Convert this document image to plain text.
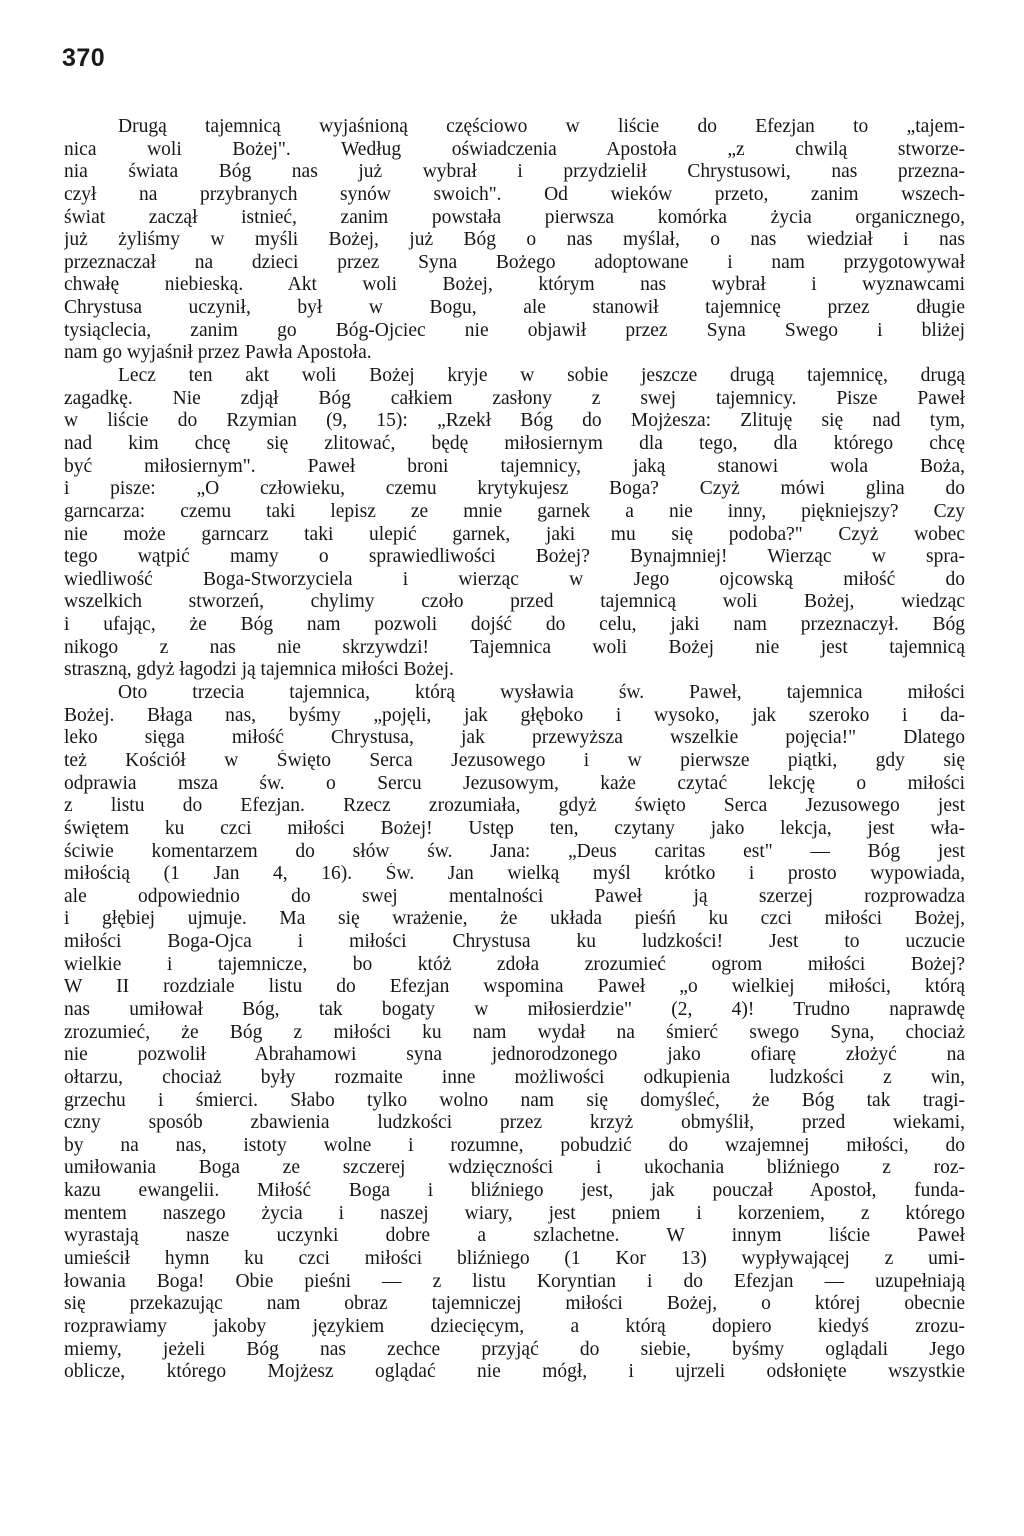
370
Drugą tajemnicą wyjaśnioną częściowo w liście do Efezjan to „tajem-
nica woli Bożej". Według oświadczenia Apostoła „z chwilą stworze-
nia świata Bóg nas już wybrał i przydzielił Chrystusowi, nas przezna-
czył na przybranych synów swoich". Od wieków przeto, zanim wszech-
świat zaczął istnieć, zanim powstała pierwsza komórka życia organicznego,
już żyliśmy w myśli Bożej, już Bóg o nas myślał, o nas wiedział i nas
przeznaczał na dzieci przez Syna Bożego adoptowane i nam przygotowywał
chwałę niebieską. Akt woli Bożej, którym nas wybrał i wyznawcami
Chrystusa uczynił, był w Bogu, ale stanowił tajemnicę przez długie
tysiąclecia, zanim go Bóg-Ojciec nie objawił przez Syna Swego i bliżej
nam go wyjaśnił przez Pawła Apostoła.
Lecz ten akt woli Bożej kryje w sobie jeszcze drugą tajemnicę, drugą
zagadkę. Nie zdjął Bóg całkiem zasłony z swej tajemnicy. Pisze Paweł
w liście do Rzymian (9, 15): „Rzekł Bóg do Mojżesza: Zlituję się nad tym,
nad kim chcę się zlitować, będę miłosiernym dla tego, dla którego chcę
być miłosiernym". Paweł broni tajemnicy, jaką stanowi wola Boża,
i pisze: „O człowieku, czemu krytykujesz Boga? Czyż mówi glina do
garncarza: czemu taki lepisz ze mnie garnek a nie inny, piękniejszy? Czy
nie może garncarz taki ulepić garnek, jaki mu się podoba?" Czyż wobec
tego wątpić mamy o sprawiedliwości Bożej? Bynajmniej! Wierząc w spra-
wiedliwość Boga-Stworzyciela i wierząc w Jego ojcowską miłość do
wszelkich stworzeń, chylimy czoło przed tajemnicą woli Bożej, wiedząc
i ufając, że Bóg nam pozwoli dojść do celu, jaki nam przeznaczył. Bóg
nikogo z nas nie skrzywdzi! Tajemnica woli Bożej nie jest tajemnicą
straszną, gdyż łagodzi ją tajemnica miłości Bożej.
Oto trzecia tajemnica, którą wysławia św. Paweł, tajemnica miłości
Bożej. Błaga nas, byśmy „pojęli, jak głęboko i wysoko, jak szeroko i da-
leko sięga miłość Chrystusa, jak przewyższa wszelkie pojęcia!" Dlatego
też Kościół w Święto Serca Jezusowego i w pierwsze piątki, gdy się
odprawia msza św. o Sercu Jezusowym, każe czytać lekcję o miłości
z listu do Efezjan. Rzecz zrozumiała, gdyż święto Serca Jezusowego jest
świętem ku czci miłości Bożej! Ustęp ten, czytany jako lekcja, jest wła-
ściwie komentarzem do słów św. Jana: „Deus caritas est" — Bóg jest
miłością (1 Jan 4, 16). Św. Jan wielką myśl krótko i prosto wypowiada,
ale odpowiednio do swej mentalności Paweł ją szerzej rozprowadza
i głębiej ujmuje. Ma się wrażenie, że układa pieśń ku czci miłości Bożej,
miłości Boga-Ojca i miłości Chrystusa ku ludzkości! Jest to uczucie
wielkie i tajemnicze, bo któż zdoła zrozumieć ogrom miłości Bożej?
W II rozdziale listu do Efezjan wspomina Paweł „o wielkiej miłości, którą
nas umiłował Bóg, tak bogaty w miłosierdzie" (2, 4)! Trudno naprawdę
zrozumieć, że Bóg z miłości ku nam wydał na śmierć swego Syna, chociaż
nie pozwolił Abrahamowi syna jednorodzonego jako ofiarę złożyć na
ołtarzu, chociaż były rozmaite inne możliwości odkupienia ludzkości z win,
grzechu i śmierci. Słabo tylko wolno nam się domyśleć, że Bóg tak tragi-
czny sposób zbawienia ludzkości przez krzyż obmyślił, przed wiekami,
by na nas, istoty wolne i rozumne, pobudzić do wzajemnej miłości, do
umiłowania Boga ze szczerej wdzięczności i ukochania bliźniego z roz-
kazu ewangelii. Miłość Boga i bliźniego jest, jak pouczał Apostoł, funda-
mentem naszego życia i naszej wiary, jest pniem i korzeniem, z którego
wyrastają nasze uczynki dobre a szlachetne. W innym liście Paweł
umieścił hymn ku czci miłości bliźniego (1 Kor 13) wypływającej z umi-
łowania Boga! Obie pieśni — z listu Koryntian i do Efezjan — uzupełniają
się przekazując nam obraz tajemniczej miłości Bożej, o której obecnie
rozprawiamy jakoby językiem dziecięcym, a którą dopiero kiedyś zrozu-
miemy, jeżeli Bóg nas zechce przyjąć do siebie, byśmy oglądali Jego
oblicze, którego Mojżesz oglądać nie mógł, i ujrzeli odsłonięte wszystkie
